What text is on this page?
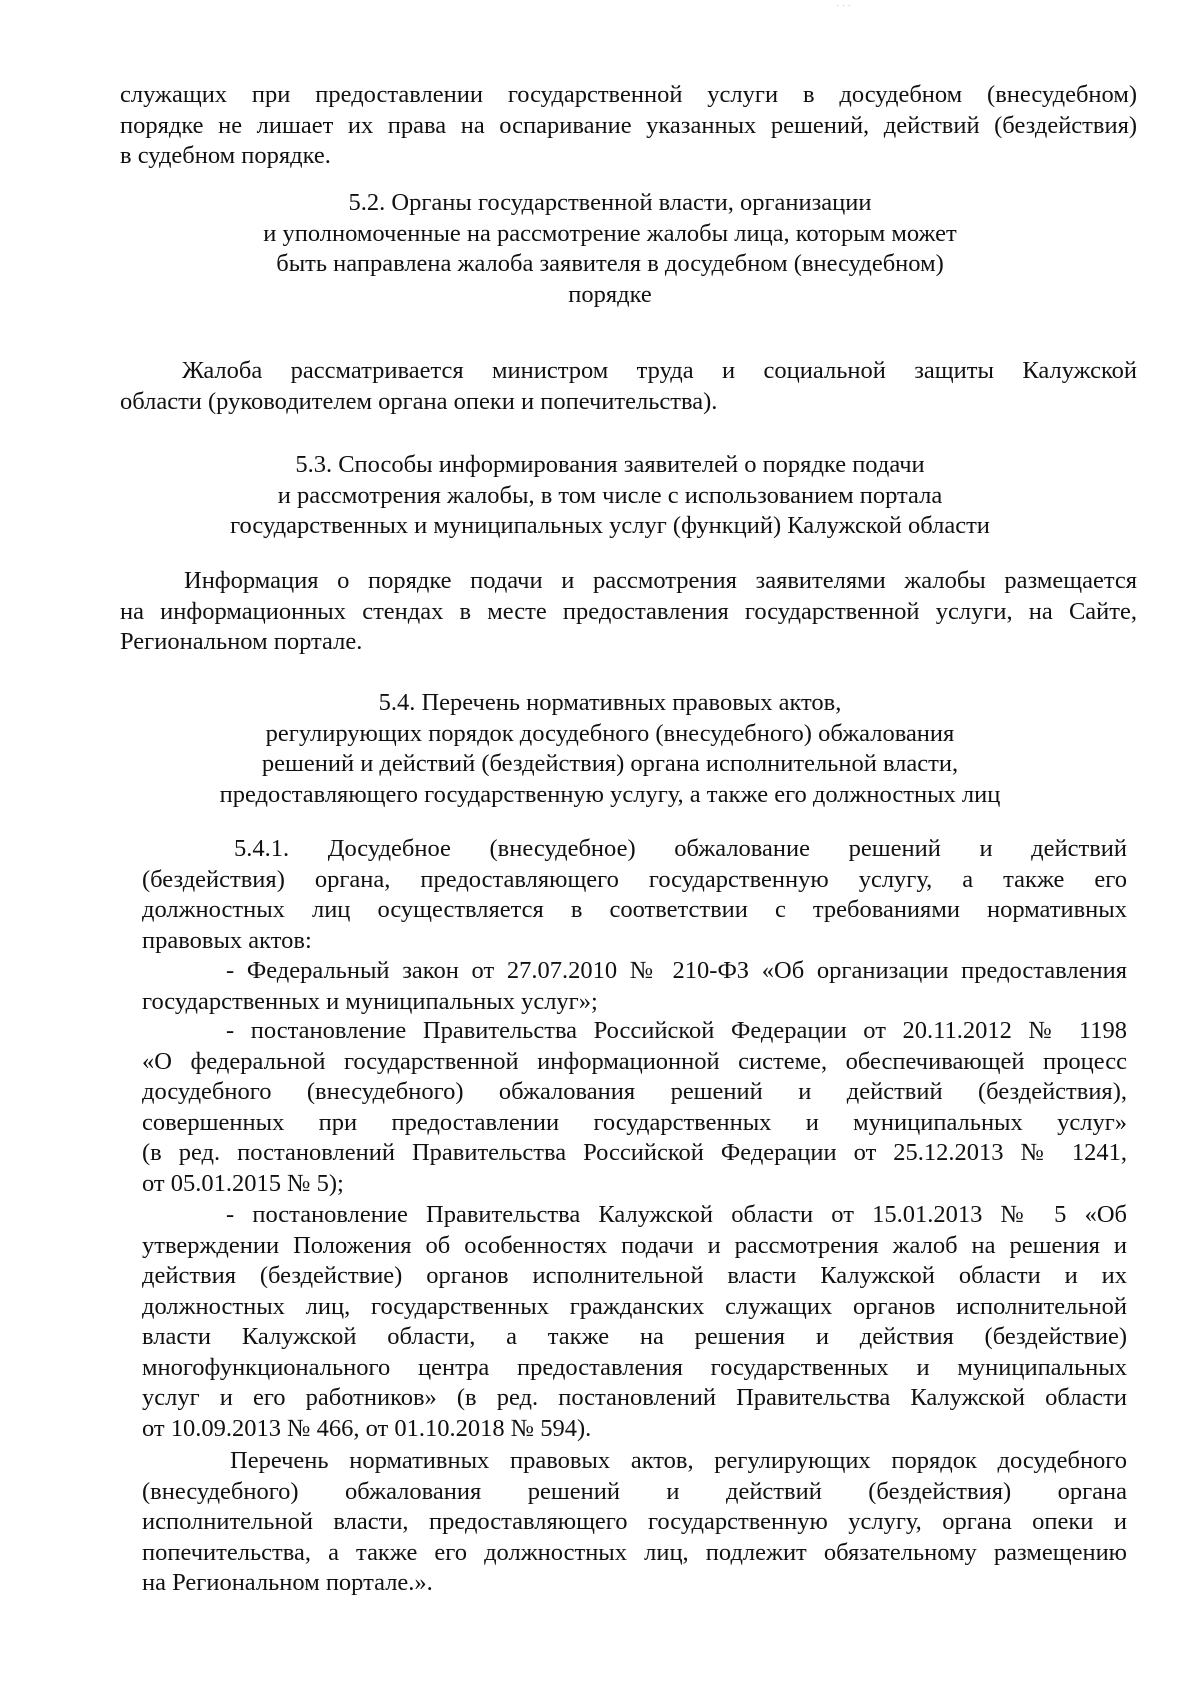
˙ ˙ ˙
служащих при предоставлении государственной услуги в досудебном (внесудебном)
порядке не лишает их права на оспаривание указанных решений, действий (бездействия)
в судебном порядке.
5.2. Органы государственной власти, организации
и уполномоченные на рассмотрение жалобы лица, которым может
быть направлена жалоба заявителя в досудебном (внесудебном)
порядке
Жалоба рассматривается министром труда и социальной защиты Калужской
области (руководителем органа опеки и попечительства).
5.3. Способы информирования заявителей о порядке подачи
и рассмотрения жалобы, в том числе с использованием портала
государственных и муниципальных услуг (функций) Калужской области
Информация о порядке подачи и рассмотрения заявителями жалобы размещается
на информационных стендах в месте предоставления государственной услуги, на Сайте,
Региональном портале.
5.4. Перечень нормативных правовых актов,
регулирующих порядок досудебного (внесудебного) обжалования
решений и действий (бездействия) органа исполнительной власти,
предоставляющего государственную услугу, а также его должностных лиц
5.4.1. Досудебное (внесудебное) обжалование решений и действий
(бездействия) органа, предоставляющего государственную услугу, а также его
должностных лиц осуществляется в соответствии с требованиями нормативных
правовых актов:
- Федеральный закон от 27.07.2010 № 210-ФЗ «Об организации предоставления
государственных и муниципальных услуг»;
- постановление Правительства Российской Федерации от 20.11.2012 № 1198
«О федеральной государственной информационной системе, обеспечивающей процесс
досудебного (внесудебного) обжалования решений и действий (бездействия),
совершенных при предоставлении государственных и муниципальных услуг»
(в ред. постановлений Правительства Российской Федерации от 25.12.2013 № 1241,
от 05.01.2015 № 5);
- постановление Правительства Калужской области от 15.01.2013 № 5 «Об
утверждении Положения об особенностях подачи и рассмотрения жалоб на решения и
действия (бездействие) органов исполнительной власти Калужской области и их
должностных лиц, государственных гражданских служащих органов исполнительной
власти Калужской области, а также на решения и действия (бездействие)
многофункционального центра предоставления государственных и муниципальных
услуг и его работников» (в ред. постановлений Правительства Калужской области
от 10.09.2013 № 466, от 01.10.2018 № 594).
Перечень нормативных правовых актов, регулирующих порядок досудебного
(внесудебного) обжалования решений и действий (бездействия) органа
исполнительной власти, предоставляющего государственную услугу, органа опеки и
попечительства, а также его должностных лиц, подлежит обязательному размещению
на Региональном портале.».
